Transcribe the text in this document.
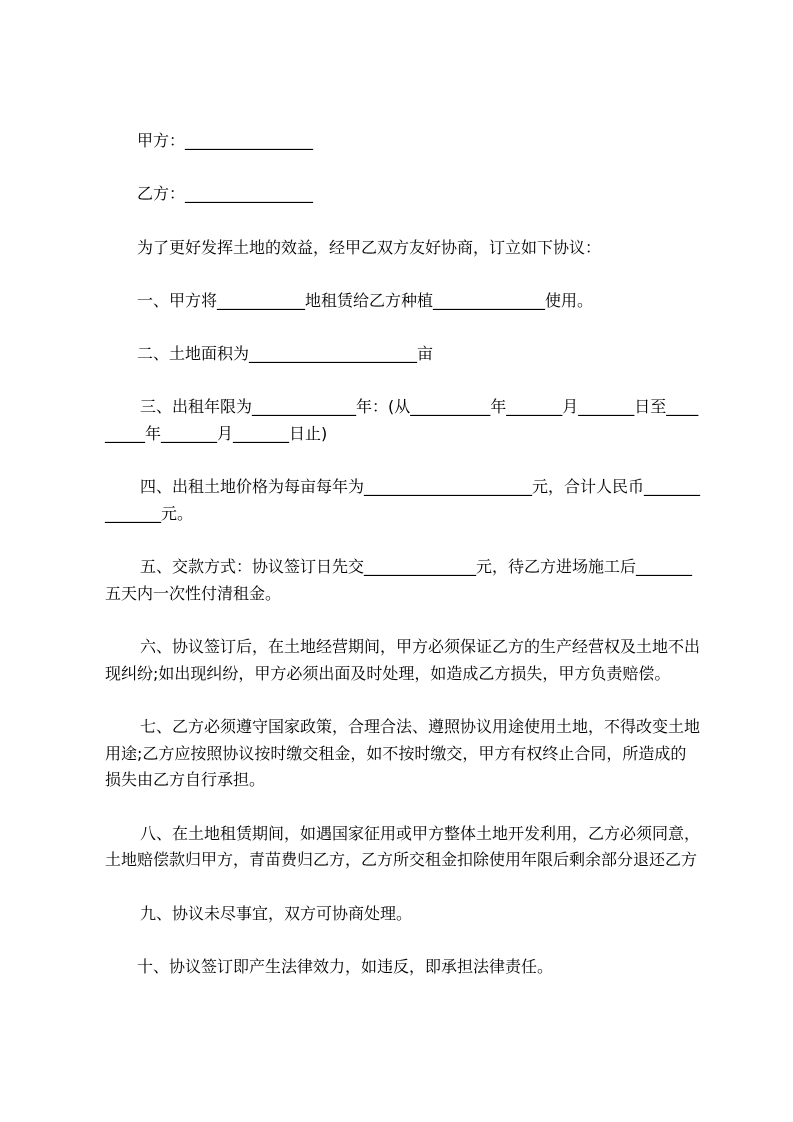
甲方：________________
乙方：________________
为了更好发挥土地的效益，经甲乙双方友好协商，订立如下协议：
一、甲方将___________地租赁给乙方种植______________使用。
二、土地面积为_____________________亩
三、出租年限为_____________年：(从__________年_______月_______日至____
_____年_______月_______日止)
四、出租土地价格为每亩每年为_____________________元，合计人民币_______
_______元。
五、交款方式：协议签订日先交______________元，待乙方进场施工后_______
五天内一次性付清租金。
六、协议签订后，在土地经营期间，甲方必须保证乙方的生产经营权及土地不出
现纠纷;如出现纠纷，甲方必须出面及时处理，如造成乙方损失，甲方负责赔偿。
七、乙方必须遵守国家政策，合理合法、遵照协议用途使用土地，不得改变土地
用途;乙方应按照协议按时缴交租金，如不按时缴交，甲方有权终止合同，所造成的
损失由乙方自行承担。
八、在土地租赁期间，如遇国家征用或甲方整体土地开发利用，乙方必须同意，
土地赔偿款归甲方，青苗费归乙方，乙方所交租金扣除使用年限后剩余部分退还乙方
九、协议未尽事宜，双方可协商处理。
十、协议签订即产生法律效力，如违反，即承担法律责任。
